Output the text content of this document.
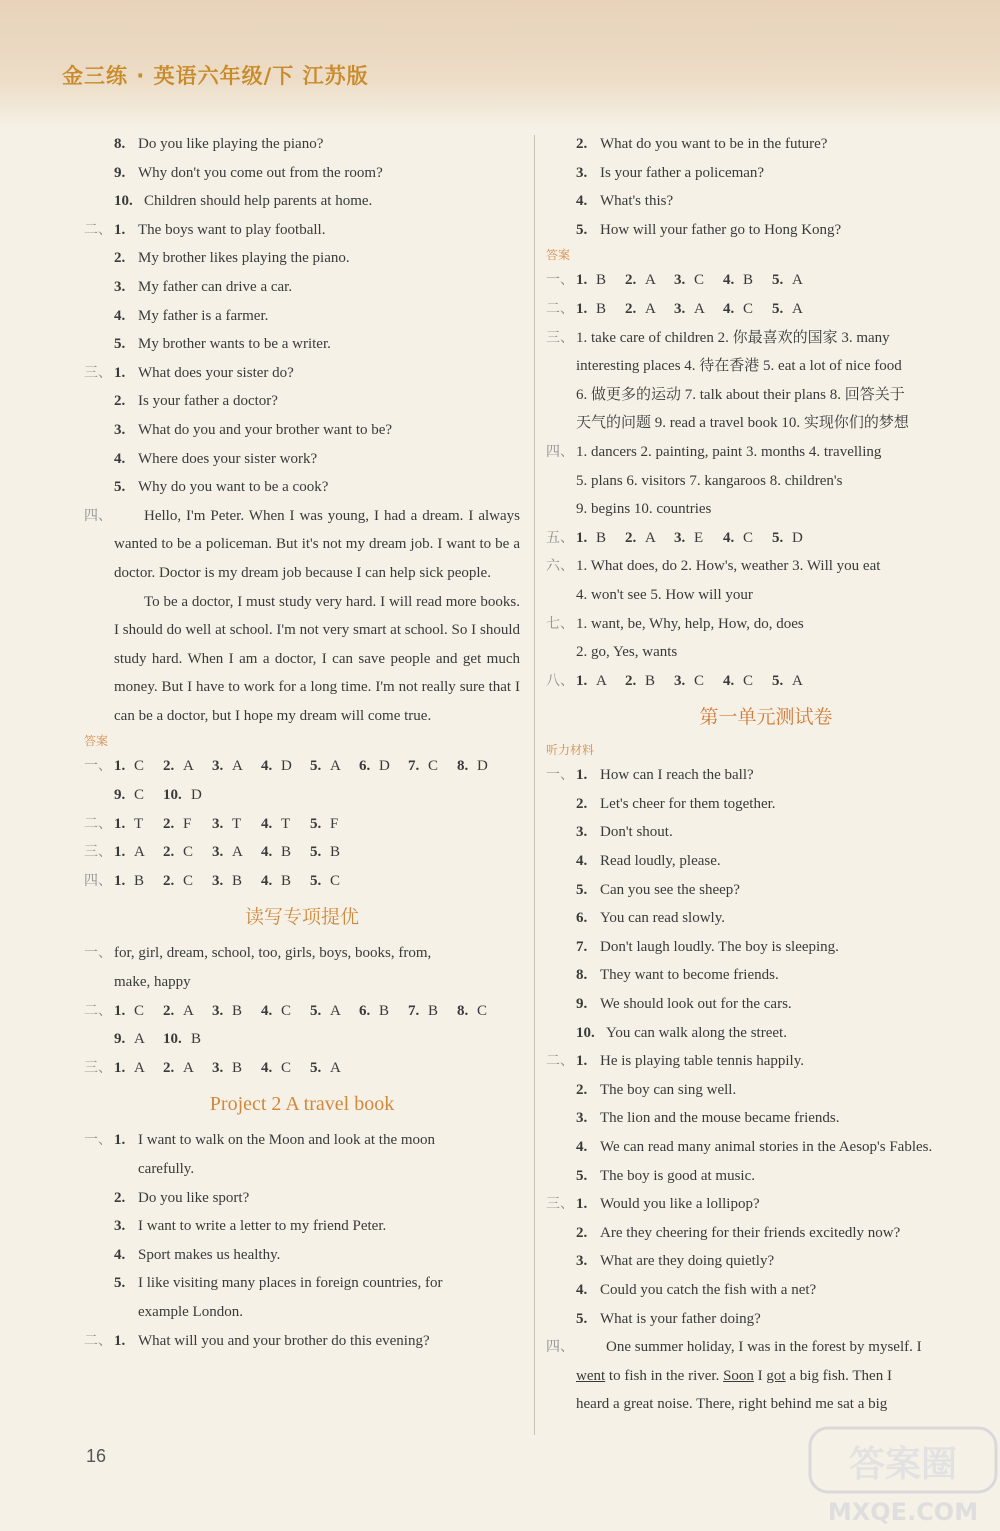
金三练 · 英语六年级/下 江苏版
8. Do you like playing the piano?
9. Why don't you come out from the room?
10. Children should help parents at home.
二、 1. The boys want to play football.
2. My brother likes playing the piano.
3. My father can drive a car.
4. My father is a farmer.
5. My brother wants to be a writer.
三、 1. What does your sister do?
2. Is your father a doctor?
3. What do you and your brother want to be?
4. Where does your sister work?
5. Why do you want to be a cook?
四、 Hello, I'm Peter. When I was young, I had a dream. I always wanted to be a policeman. But it's not my dream job. I want to be a doctor. Doctor is my dream job because I can help sick people.
To be a doctor, I must study very hard. I will read more books. I should do well at school. I'm not very smart at school. So I should study hard. When I am a doctor, I can save people and get much money. But I have to work for a long time. I'm not really sure that I can be a doctor, but I hope my dream will come true.
答案
一、 1. C 2. A 3. A 4. D 5. A 6. D 7. C 8. D
9. C 10. D
二、 1. T 2. F 3. T 4. T 5. F
三、 1. A 2. C 3. A 4. B 5. B
四、 1. B 2. C 3. B 4. B 5. C
读写专项提优
一、 for, girl, dream, school, too, girls, boys, books, from,
make, happy
二、 1. C 2. A 3. B 4. C 5. A 6. B 7. B 8. C
9. A 10. B
三、 1. A 2. A 3. B 4. C 5. A
Project 2 A travel book
一、 1. I want to walk on the Moon and look at the moon
carefully.
2. Do you like sport?
3. I want to write a letter to my friend Peter.
4. Sport makes us healthy.
5. I like visiting many places in foreign countries, for
example London.
二、 1. What will you and your brother do this evening?
2. What do you want to be in the future?
3. Is your father a policeman?
4. What's this?
5. How will your father go to Hong Kong?
答案
一、 1. B 2. A 3. C 4. B 5. A
二、 1. B 2. A 3. A 4. C 5. A
三、 1. take care of children 2. 你最喜欢的国家 3. many
interesting places 4. 待在香港 5. eat a lot of nice food
6. 做更多的运动 7. talk about their plans 8. 回答关于
天气的问题 9. read a travel book 10. 实现你们的梦想
四、 1. dancers 2. painting, paint 3. months 4. travelling
5. plans 6. visitors 7. kangaroos 8. children's
9. begins 10. countries
五、 1. B 2. A 3. E 4. C 5. D
六、 1. What does, do 2. How's, weather 3. Will you eat
4. won't see 5. How will your
七、 1. want, be, Why, help, How, do, does
2. go, Yes, wants
八、 1. A 2. B 3. C 4. C 5. A
第一单元测试卷
听力材料
一、 1. How can I reach the ball?
2. Let's cheer for them together.
3. Don't shout.
4. Read loudly, please.
5. Can you see the sheep?
6. You can read slowly.
7. Don't laugh loudly. The boy is sleeping.
8. They want to become friends.
9. We should look out for the cars.
10. You can walk along the street.
二、 1. He is playing table tennis happily.
2. The boy can sing well.
3. The lion and the mouse became friends.
4. We can read many animal stories in the Aesop's Fables.
5. The boy is good at music.
三、 1. Would you like a lollipop?
2. Are they cheering for their friends excitedly now?
3. What are they doing quietly?
4. Could you catch the fish with a net?
5. What is your father doing?
四、 One summer holiday, I was in the forest by myself. I
went to fish in the river. Soon I got a big fish. Then I
heard a great noise. There, right behind me sat a big
16	答案圈
MXQE.COM
